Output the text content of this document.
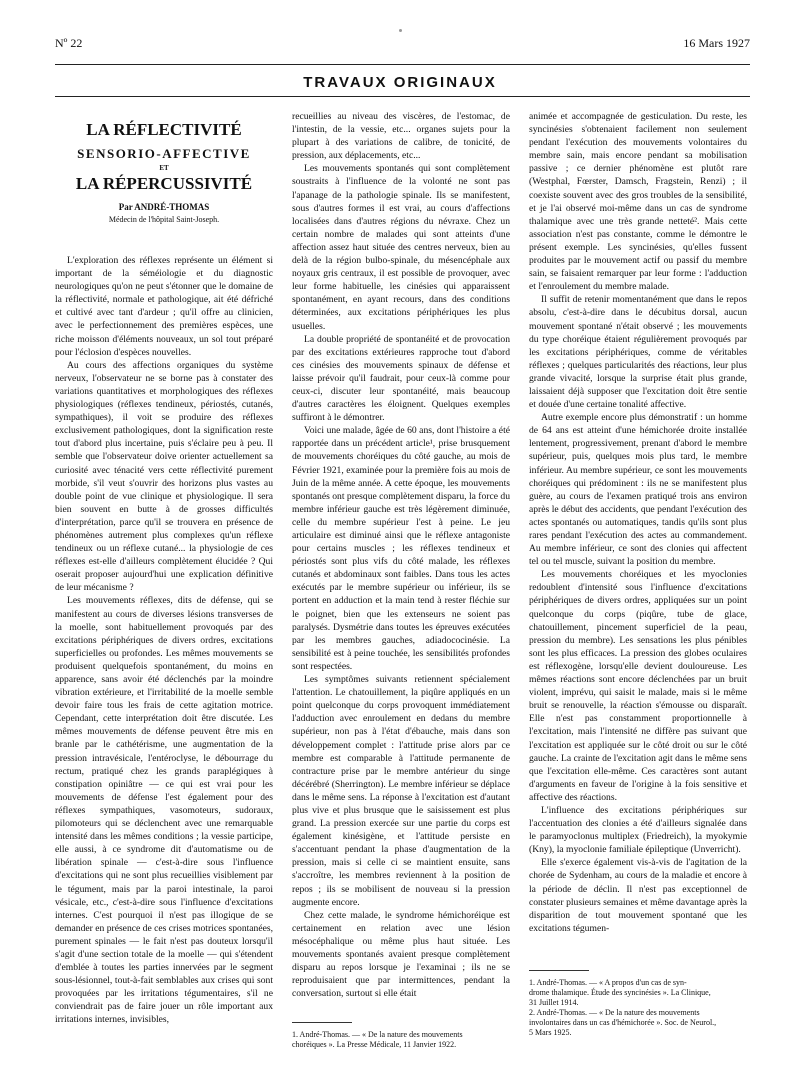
Nº 22	16 Mars 1927
TRAVAUX ORIGINAUX
LA RÉFLECTIVITÉ
SENSORIO-AFFECTIVE
ET
LA RÉPERCUSSIVITÉ
Par ANDRÉ-THOMAS
Médecin de l'hôpital Saint-Joseph.

L'exploration des réflexes représente un élément si important de la séméiologie et du diagnostic neurologiques qu'on ne peut s'étonner que le domaine de la réflectivité, normale et pathologique, ait été défriché et cultivé avec tant d'ardeur ; qu'il offre au clinicien, avec le perfectionnement des premières espèces, une riche moisson d'éléments nouveaux, un sol tout préparé pour l'éclosion d'espèces nouvelles.

Au cours des affections organiques du système nerveux, l'observateur ne se borne pas à constater des variations quantitatives et morphologiques des réflexes physiologiques (réflexes tendineux, périostés, cutanés, sympathiques), il voit se produire des réflexes exclusivement pathologiques, dont la signification reste tout d'abord plus incertaine, puis s'éclaire peu à peu. Il semble que l'observateur doive orienter actuellement sa curiosité avec ténacité vers cette réflectivité purement morbide, s'il veut s'ouvrir des horizons plus vastes au double point de vue clinique et physiologique. Il sera bien souvent en butte à de grosses difficultés d'interprétation, parce qu'il se trouvera en présence de phénomènes autrement plus complexes qu'un réflexe tendineux ou un réflexe cutané... la physiologie de ces réflexes est-elle d'ailleurs complètement élucidée ? Qui oserait proposer aujourd'hui une explication définitive de leur mécanisme ?

Les mouvements réflexes, dits de défense, qui se manifestent au cours de diverses lésions transverses de la moelle, sont habituellement provoqués par des excitations périphériques de divers ordres, excitations superficielles ou profondes. Les mêmes mouvements se produisent quelquefois spontanément, du moins en apparence, sans avoir été déclenchés par la moindre vibration extérieure, et l'irritabilité de la moelle semble devoir faire tous les frais de cette agitation motrice. Cependant, cette interprétation doit être discutée. Les mêmes mouvements de défense peuvent être mis en branle par le cathétérisme, une augmentation de la pression intravésicale, l'entéroclyse, le débourrage du rectum, pratiqué chez les grands paraplégiques à constipation opiniâtre — ce qui est vrai pour les mouvements de défense l'est également pour des réflexes sympathiques, vasomoteurs, sudoraux, pilomoteurs qui se déclenchent avec une remarquable intensité dans les mêmes conditions ; la vessie participe, elle aussi, à ce syndrome dit d'automatisme ou de libération spinale — c'est-à-dire sous l'influence d'excitations qui ne sont plus recueillies visiblement par le tégument, mais par la paroi intestinale, la paroi vésicale, etc., c'est-à-dire sous l'influence d'excitations internes. C'est pourquoi il n'est pas illogique de se demander en présence de ces crises motrices spontanées, purement spinales — le fait n'est pas douteux lorsqu'il s'agit d'une section totale de la moelle — qui s'étendent d'emblée à toutes les parties innervées par le segment sous-lésionnel, tout-à-fait semblables aux crises qui sont provoquées par les irritations tégumentaires, s'il ne conviendrait pas de faire jouer un rôle important aux irritations internes, invisibles,

recueillies au niveau des viscères, de l'estomac, de l'intestin, de la vessie, etc... organes sujets pour la plupart à des variations de calibre, de tonicité, de pression, aux déplacements, etc...

Les mouvements spontanés qui sont complètement soustraits à l'influence de la volonté ne sont pas l'apanage de la pathologie spinale. Ils se manifestent, sous d'autres formes il est vrai, au cours d'affections localisées dans d'autres régions du névraxe. Chez un certain nombre de malades qui sont atteints d'une affection assez haut située des centres nerveux, bien au delà de la région bulbo-spinale, du mésencéphale aux noyaux gris centraux, il est possible de provoquer, avec leur forme habituelle, les cinésies qui apparaissent spontanément, en ayant recours, dans des conditions déterminées, aux excitations périphériques les plus usuelles.

La double propriété de spontanéité et de provocation par des excitations extérieures rapproche tout d'abord ces cinésies des mouvements spinaux de défense et laisse prévoir qu'il faudrait, pour ceux-là comme pour ceux-ci, discuter leur spontanéité, mais beaucoup d'autres caractères les éloignent. Quelques exemples suffiront à le démontrer.

Voici une malade, âgée de 60 ans, dont l'histoire a été rapportée dans un précédent article¹, prise brusquement de mouvements choréiques du côté gauche, au mois de Février 1921, examinée pour la première fois au mois de Juin de la même année. A cette époque, les mouvements spontanés ont presque complètement disparu, la force du membre inférieur gauche est très légèrement diminuée, celle du membre supérieur l'est à peine. Le jeu articulaire est diminué ainsi que le réflexe antagoniste pour certains muscles ; les réflexes tendineux et périostés sont plus vifs du côté malade, les réflexes cutanés et abdominaux sont faibles. Dans tous les actes exécutés par le membre supérieur ou inférieur, ils se portent en adduction et la main tend à rester fléchie sur le poignet, bien que les extenseurs ne soient pas paralysés. Dysmétrie dans toutes les épreuves exécutées par les membres gauches, adiadococinésie. La sensibilité est à peine touchée, les sensibilités profondes sont respectées.

Les symptômes suivants retiennent spécialement l'attention. Le chatouillement, la piqûre appliqués en un point quelconque du corps provoquent immédiatement l'adduction avec enroulement en dedans du membre supérieur, non pas à l'état d'ébauche, mais dans son développement complet : l'attitude prise alors par ce membre est comparable à l'attitude permanente de contracture prise par le membre antérieur du singe décérébré (Sherrington). Le membre inférieur se déplace dans le même sens. La réponse à l'excitation est d'autant plus vive et plus brusque que le saisissement est plus grand. La pression exercée sur une partie du corps est également kinésigène, et l'attitude persiste en s'accentuant pendant la phase d'augmentation de la pression, mais si celle ci se maintient ensuite, sans s'accroître, les membres reviennent à la position de repos ; ils se mobilisent de nouveau si la pression augmente encore.

Chez cette malade, le syndrome hémichoréique est certainement en relation avec une lésion mésocéphalique ou même plus haut située. Les mouvements spontanés avaient presque complètement disparu au repos lorsque je l'examinai ; ils ne se reproduisaient que par intermittences, pendant la conversation, surtout si elle était

1. André-Thomas. — « De la nature des mouvements
choréiques ». La Presse Médicale, 11 Janvier 1922.

animée et accompagnée de gesticulation. Du reste, les syncinésies s'obtenaient facilement non seulement pendant l'exécution des mouvements volontaires du membre sain, mais encore pendant sa mobilisation passive ; ce dernier phénomène est plutôt rare (Westphal, Fœrster, Damsch, Fragstein, Renzi) ; il coexiste souvent avec des gros troubles de la sensibilité, et je l'ai observé moi-même dans un cas de syndrome thalamique avec une très grande netteté². Mais cette association n'est pas constante, comme le démontre le présent exemple. Les syncinésies, qu'elles fussent produites par le mouvement actif ou passif du membre sain, se faisaient remarquer par leur forme : l'adduction et l'enroulement du membre malade.

Il suffit de retenir momentanément que dans le repos absolu, c'est-à-dire dans le décubitus dorsal, aucun mouvement spontané n'était observé ; les mouvements du type choréique étaient régulièrement provoqués par les excitations périphériques, comme de véritables réflexes ; quelques particularités des réactions, leur plus grande vivacité, lorsque la surprise était plus grande, laissaient déjà supposer que l'excitation doit être sentie et douée d'une certaine tonalité affective.

Autre exemple encore plus démonstratif : un homme de 64 ans est atteint d'une hémichorée droite installée lentement, progressivement, prenant d'abord le membre supérieur, puis, quelques mois plus tard, le membre inférieur. Au membre supérieur, ce sont les mouvements choréiques qui prédominent : ils ne se manifestent plus guère, au cours de l'examen pratiqué trois ans environ après le début des accidents, que pendant l'exécution des actes spontanés ou automatiques, tandis qu'ils sont plus rares pendant l'exécution des actes au commandement. Au membre inférieur, ce sont des clonies qui affectent tel ou tel muscle, suivant la position du membre.

Les mouvements choréiques et les myoclonies redoublent d'intensité sous l'influence d'excitations périphériques de divers ordres, appliquées sur un point quelconque du corps (piqûre, tube de glace, chatouillement, pincement superficiel de la peau, pression du membre). Les sensations les plus pénibles sont les plus efficaces. La pression des globes oculaires est réflexogène, lorsqu'elle devient douloureuse. Les mêmes réactions sont encore déclenchées par un bruit violent, imprévu, qui saisit le malade, mais si le même bruit se renouvelle, la réaction s'émousse ou disparaît. Elle n'est pas constamment proportionnelle à l'excitation, mais l'intensité ne diffère pas suivant que l'excitation est appliquée sur le côté droit ou sur le côté gauche. La crainte de l'excitation agit dans le même sens que l'excitation elle-même. Ces caractères sont autant d'arguments en faveur de l'origine à la fois sensitive et affective des réactions.

L'influence des excitations périphériques sur l'accentuation des clonies a été d'ailleurs signalée dans le paramyoclonus multiplex (Friedreich), la myokymie (Kny), la myoclonie familiale épileptique (Unverricht).

Elle s'exerce également vis-à-vis de l'agitation de la chorée de Sydenham, au cours de la maladie et encore à la période de déclin. Il n'est pas exceptionnel de constater plusieurs semaines et même davantage après la disparition de tout mouvement spontané que les excitations tégumen-

1. André-Thomas. — « A propos d'un cas de syn-
drome thalamique. Étude des syncinésies ». La Clinique,
31 Juillet 1914.
2. André-Thomas. — « De la nature des mouvements
involontaires dans un cas d'hémichorée ». Soc. de Neurol.,
5 Mars 1925.
